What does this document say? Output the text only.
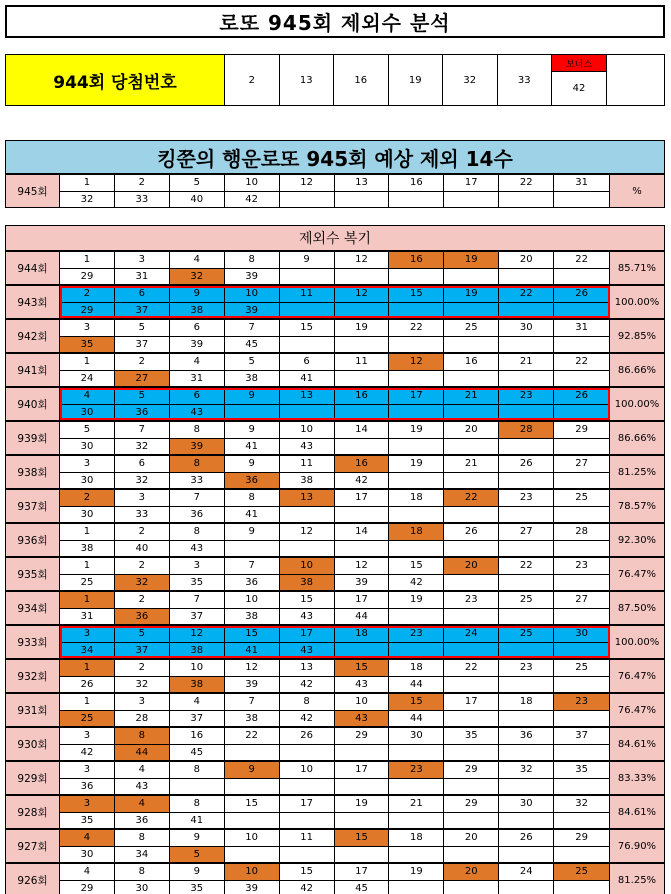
로또 945회 제외수 분석
944회 당첨번호	2	13	16	19	32	33
보너스
42
킹쭌의 행운로또 945회 예상 제외 14수
945회
1	2	5	10	12	13	16	17	22	31
32	33	40	42
%
제외수 복기
944회
1	3	4	8	9	12	16	19	20	22
29	31	32	39
85.71%
943회
2	6	9	10	11	12	15	19	22	26
29	37	38	39
100.00%
942회
3	5	6	7	15	19	22	25	30	31
35	37	39	45
92.85%
941회
1	2	4	5	6	11	12	16	21	22
24	27	31	38	41
86.66%
940회
4	5	6	9	13	16	17	21	23	26
30	36	43
100.00%
939회
5	7	8	9	10	14	19	20	28	29
30	32	39	41	43
86.66%
938회
3	6	8	9	11	16	19	21	26	27
30	32	33	36	38	42
81.25%
937회
2	3	7	8	13	17	18	22	23	25
30	33	36	41
78.57%
936회
1	2	8	9	12	14	18	26	27	28
38	40	43
92.30%
935회
1	2	3	7	10	12	15	20	22	23
25	32	35	36	38	39	42
76.47%
934회
1	2	7	10	15	17	19	23	25	27
31	36	37	38	43	44
87.50%
933회
3	5	12	15	17	18	23	24	25	30
34	37	38	41	43
100.00%
932회
1	2	10	12	13	15	18	22	23	25
26	32	38	39	42	43	44
76.47%
931회
1	3	4	7	8	10	15	17	18	23
25	28	37	38	42	43	44
76.47%
930회
3	8	16	22	26	29	30	35	36	37
42	44	45
84.61%
929회
3	4	8	9	10	17	23	29	32	35
36	43
83.33%
928회
3	4	8	15	17	19	21	29	30	32
35	36	41
84.61%
927회
4	8	9	10	11	15	18	20	26	29
30	34	5
76.90%
926회
4	8	9	10	15	17	19	20	24	25
29	30	35	39	42	45
81.25%
